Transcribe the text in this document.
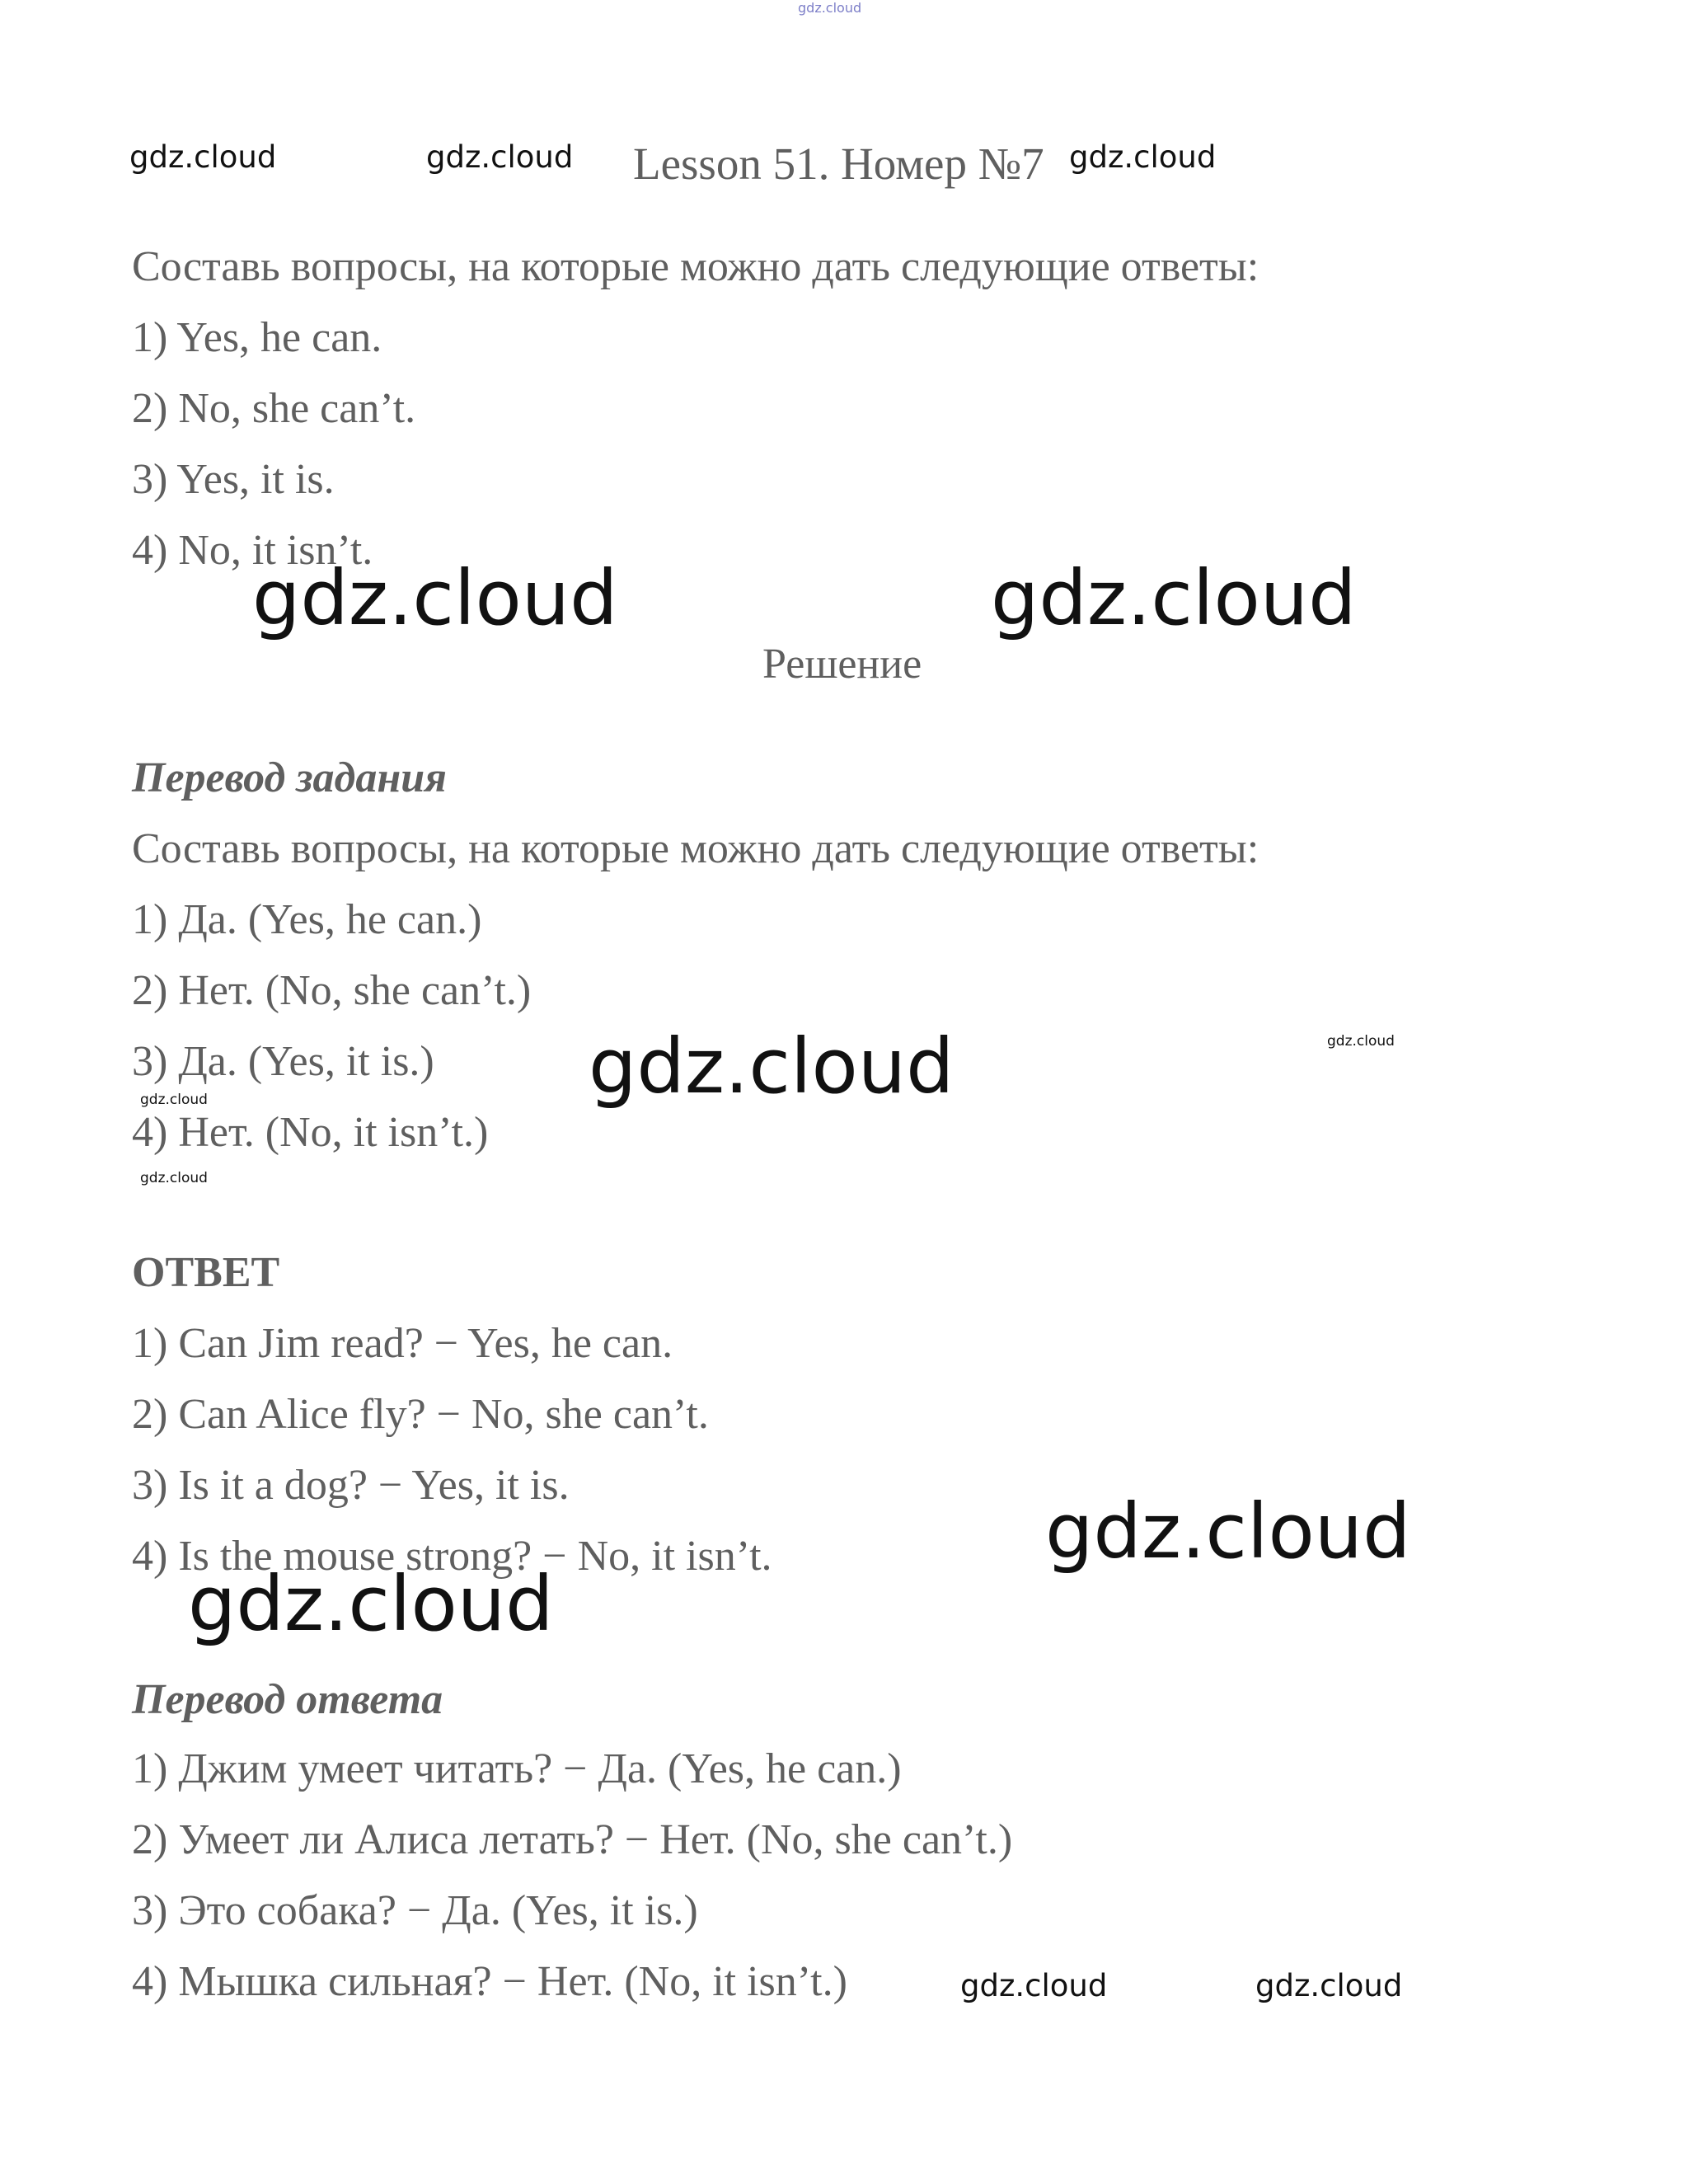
gdz.cloud
gdz.cloud	gdz.cloud Lesson 51. Номер №7 gdz.cloud
Составь вопросы, на которые можно дать следующие ответы:
1) Yes, he can.
2) No, she can’t.
3) Yes, it is.
4) No, it isn’t.
gdz.cloud	gdz.cloud
Решение
Перевод задания
Составь вопросы, на которые можно дать следующие ответы:
1) Да. (Yes, he can.)
2) Нет. (No, she can’t.)
3) Да. (Yes, it is.) gdz.cloud	gdz.cloud
gdz.cloud
4) Нет. (No, it isn’t.)
gdz.cloud
ОТВЕТ
1) Can Jim read? − Yes, he can.
2) Can Alice fly? − No, she can’t.
3) Is it a dog? − Yes, it is.
4) Is the mouse strong? − No, it isn’t.	gdz.cloud
gdz.cloud
Перевод ответа
1) Джим умеет читать? − Да. (Yes, he can.)
2) Умеет ли Алиса летать? − Нет. (No, she can’t.)
3) Это собака? − Да. (Yes, it is.)
4) Мышка сильная? − Нет. (No, it isn’t.)	gdz.cloud	gdz.cloud
